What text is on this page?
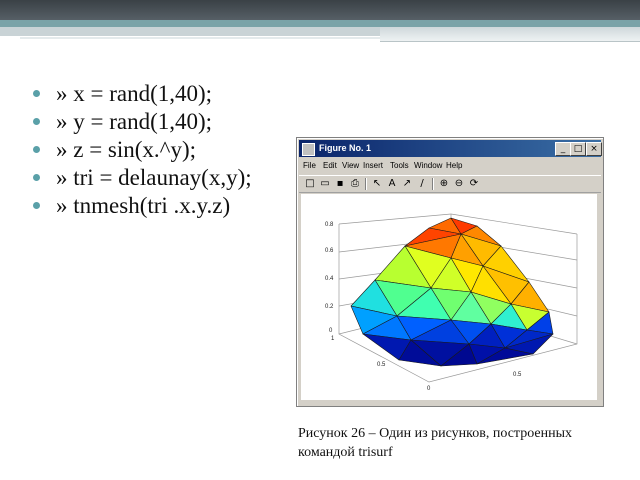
» x = rand(1,40);
» y = rand(1,40);
» z = sin(x.^y);
» tri = delaunay(x,y);
» tnmesh(tri .x.y.z)
Figure No. 1	_ □ ×
File Edit View Insert Tools Window Help
□ ▭ ▪ ⎙	↖ A ↗ /	⊕ ⊖ ⟳
0.8
0.6
0.4
0.2
0
1
0.5
0
0.5
Рисунок 26 – Один из рисунков, построенных командой trisurf
